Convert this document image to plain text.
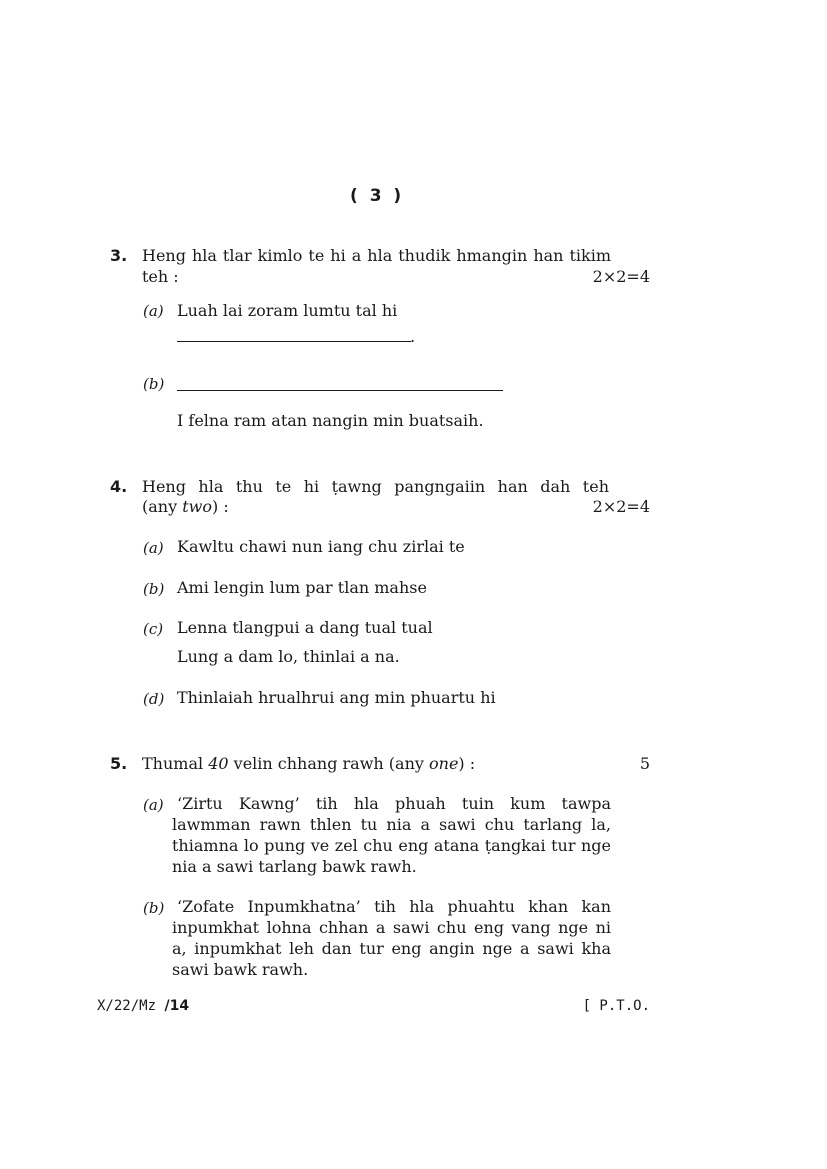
( 3 )
3. Heng hla tlar kimlo te hi a hla thudik hmangin han tikim
teh :	2×2=4
(a) Luah lai zoram lumtu tal hi
.
(b)
I felna ram atan nangin min buatsaih.
4. Heng hla thu te hi ṭawng pangngaiin han dah teh
(any two) :	2×2=4
(a) Kawltu chawi nun iang chu zirlai te
(b) Ami lengin lum par tlan mahse
(c) Lenna tlangpui a dang tual tual
Lung a dam lo, thinlai a na.
(d) Thinlaiah hrualhrui ang min phuartu hi
5. Thumal 40 velin chhang rawh (any one) :	5
(a) ‘Zirtu Kawng’ tih hla phuah tuin kum tawpa
lawmman rawn thlen tu nia a sawi chu tarlang la,
thiamna lo pung ve zel chu eng atana ṭangkai tur nge
nia a sawi tarlang bawk rawh.
(b) ‘Zofate Inpumkhatna’ tih hla phuahtu khan kan
inpumkhat lohna chhan a sawi chu eng vang nge ni
a, inpumkhat leh dan tur eng angin nge a sawi kha
sawi bawk rawh.
X/22/Mz /14	[ P.T.O.
